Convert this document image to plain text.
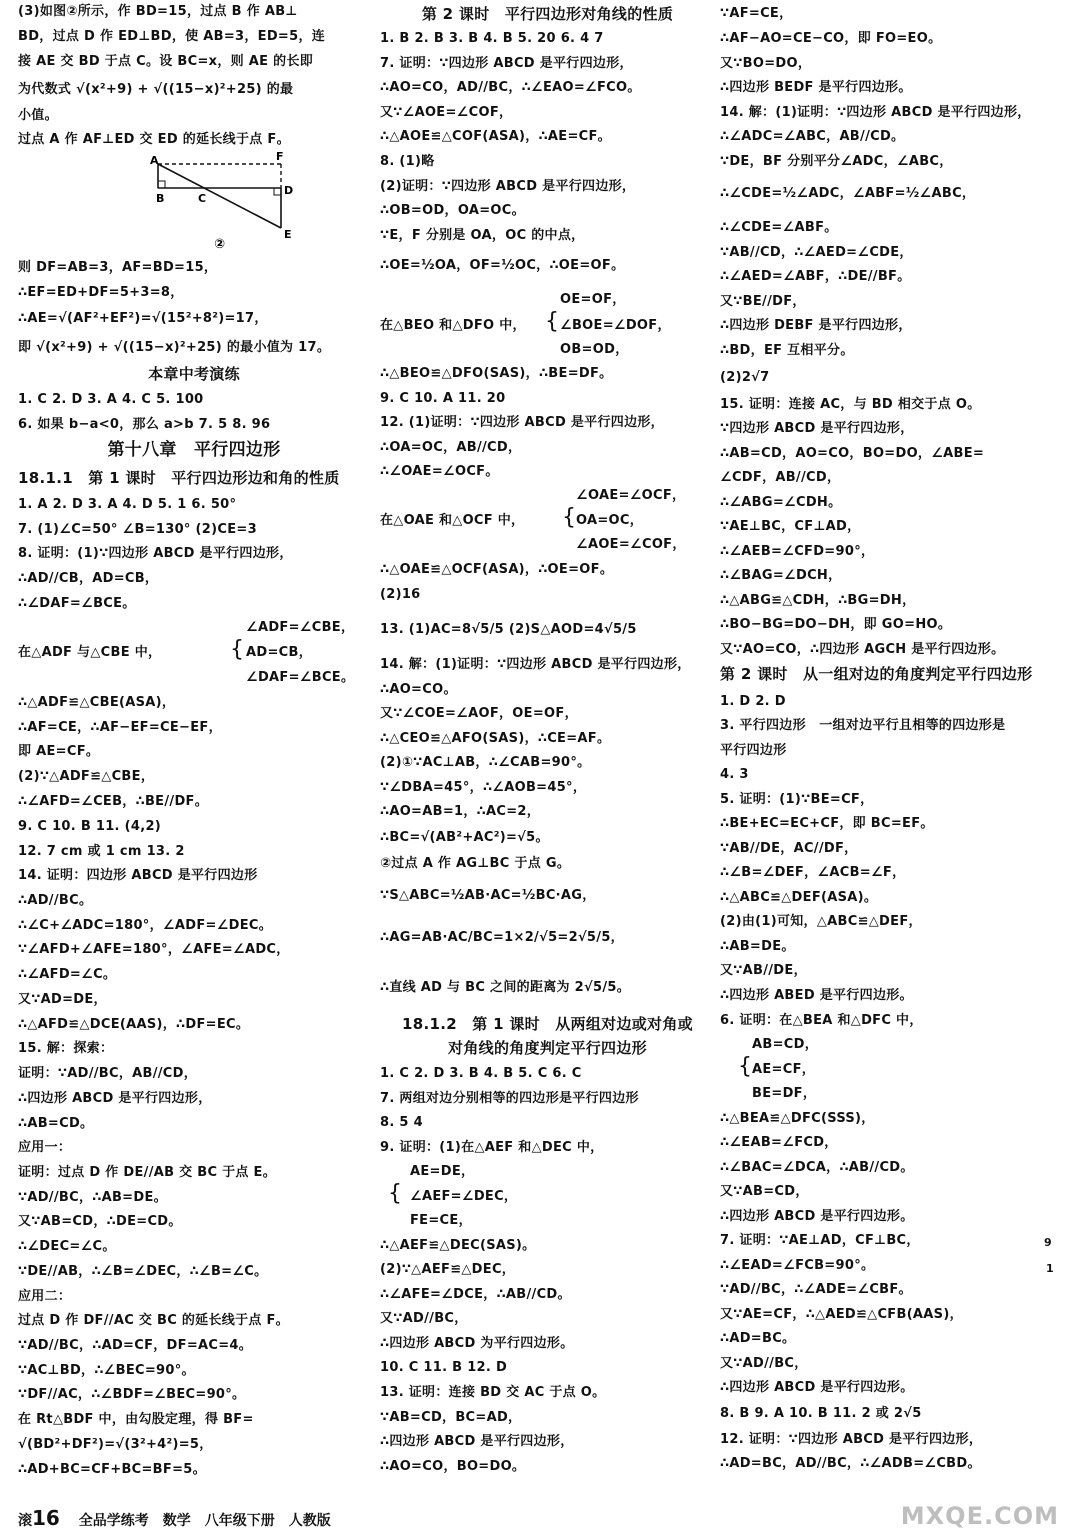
(3)如图②所示，作 BD=15，过点 B 作 AB⊥
BD，过点 D 作 ED⊥BD，使 AB=3，ED=5，连
接 AE 交 BD 于点 C。设 BC=x，则 AE 的长即
为代数式 √(x²+9) + √((15−x)²+25) 的最
小值。
过点 A 作 AF⊥ED 交 ED 的延长线于点 F。
A	F
B	C
D
E
②
则 DF=AB=3，AF=BD=15，
∴EF=ED+DF=5+3=8，
∴AE=√(AF²+EF²)=√(15²+8²)=17，
即 √(x²+9) + √((15−x)²+25) 的最小值为 17。
本章中考演练
1. C 2. D 3. A 4. C 5. 100
6. 如果 b−a<0，那么 a>b 7. 5 8. 96
第十八章　平行四边形
18.1.1　第 1 课时　平行四边形边和角的性质
1. A 2. D 3. A 4. D 5. 1 6. 50°
7. (1)∠C=50° ∠B=130° (2)CE=3
8. 证明：(1)∵四边形 ABCD 是平行四边形，
∴AD//CB，AD=CB，
∴∠DAF=∠BCE。
在△ADF 与△CBE 中，	{
∠ADF=∠CBE，
AD=CB，
∠DAF=∠BCE。
∴△ADF≌△CBE(ASA)，
∴AF=CE，∴AF−EF=CE−EF，
即 AE=CF。
(2)∵△ADF≌△CBE，
∴∠AFD=∠CEB，∴BE//DF。
9. C 10. B 11. (4,2)
12. 7 cm 或 1 cm 13. 2
14. 证明：四边形 ABCD 是平行四边形
∴AD//BC。
∴∠C+∠ADC=180°，∠ADF=∠DEC。
∵∠AFD+∠AFE=180°，∠AFE=∠ADC，
∴∠AFD=∠C。
又∵AD=DE，
∴△AFD≌△DCE(AAS)，∴DF=EC。
15. 解：探索：
证明：∵AD//BC，AB//CD，
∴四边形 ABCD 是平行四边形，
∴AB=CD。
应用一：
证明：过点 D 作 DE//AB 交 BC 于点 E。
∵AD//BC，∴AB=DE。
又∵AB=CD，∴DE=CD。
∴∠DEC=∠C。
∵DE//AB，∴∠B=∠DEC，∴∠B=∠C。
应用二：
过点 D 作 DF//AC 交 BC 的延长线于点 F。
∵AD//BC，∴AD=CF，DF=AC=4。
∵AC⊥BD，∴∠BEC=90°。
∵DF//AC，∴∠BDF=∠BEC=90°。
在 Rt△BDF 中，由勾股定理，得 BF=
√(BD²+DF²)=√(3²+4²)=5，
∴AD+BC=CF+BC=BF=5。
第 2 课时　平行四边形对角线的性质
1. B 2. B 3. B 4. B 5. 20 6. 4 7
7. 证明：∵四边形 ABCD 是平行四边形，
∴AO=CO，AD//BC，∴∠EAO=∠FCO。
又∵∠AOE=∠COF，
∴△AOE≌△COF(ASA)，∴AE=CF。
8. (1)略
(2)证明：∵四边形 ABCD 是平行四边形，
∴OB=OD，OA=OC。
∵E，F 分别是 OA，OC 的中点，
∴OE=½OA，OF=½OC，∴OE=OF。
{
OE=OF，
在△BEO 和△DFO 中，	∠BOE=∠DOF，
OB=OD，
∴△BEO≌△DFO(SAS)，∴BE=DF。
9. C 10. A 11. 20
12. (1)证明：∵四边形 ABCD 是平行四边形，
∴OA=OC，AB//CD，
∴∠OAE=∠OCF。
{
∠OAE=∠OCF，
在△OAE 和△OCF 中，	OA=OC，
∠AOE=∠COF，
∴△OAE≌△OCF(ASA)，∴OE=OF。
(2)16
13. (1)AC=8√5/5 (2)S△AOD=4√5/5
14. 解：(1)证明：∵四边形 ABCD 是平行四边形，
∴AO=CO。
又∵∠COE=∠AOF，OE=OF，
∴△CEO≌△AFO(SAS)，∴CE=AF。
(2)①∵AC⊥AB，∴∠CAB=90°。
∵∠DBA=45°，∴∠AOB=45°，
∴AO=AB=1，∴AC=2，
∴BC=√(AB²+AC²)=√5。
②过点 A 作 AG⊥BC 于点 G。
∵S△ABC=½AB·AC=½BC·AG，
∴AG=AB·AC/BC=1×2/√5=2√5/5，
∴直线 AD 与 BC 之间的距离为 2√5/5。
18.1.2　第 1 课时　从两组对边或对角或
对角线的角度判定平行四边形
1. C 2. D 3. B 4. B 5. C 6. C
7. 两组对边分别相等的四边形是平行四边形
8. 5 4
9. 证明：(1)在△AEF 和△DEC 中，
{
AE=DE，
∠AEF=∠DEC，
FE=CE，
∴△AEF≌△DEC(SAS)。
(2)∵△AEF≌△DEC，
∴∠AFE=∠DCE，∴AB//CD。
又∵AD//BC，
∴四边形 ABCD 为平行四边形。
10. C 11. B 12. D
13. 证明：连接 BD 交 AC 于点 O。
∵AB=CD，BC=AD，
∴四边形 ABCD 是平行四边形，
∴AO=CO，BO=DO。
∵AF=CE，
∴AF−AO=CE−CO，即 FO=EO。
又∵BO=DO，
∴四边形 BEDF 是平行四边形。
14. 解：(1)证明：∵四边形 ABCD 是平行四边形，
∴∠ADC=∠ABC，AB//CD。
∵DE，BF 分别平分∠ADC，∠ABC，
∴∠CDE=½∠ADC，∠ABF=½∠ABC，
∴∠CDE=∠ABF。
∵AB//CD，∴∠AED=∠CDE，
∴∠AED=∠ABF，∴DE//BF。
又∵BE//DF，
∴四边形 DEBF 是平行四边形，
∴BD，EF 互相平分。
(2)2√7
15. 证明：连接 AC，与 BD 相交于点 O。
∵四边形 ABCD 是平行四边形，
∴AB=CD，AO=CO，BO=DO，∠ABE=
∠CDF，AB//CD，
∴∠ABG=∠CDH。
∵AE⊥BC，CF⊥AD，
∴∠AEB=∠CFD=90°，
∴∠BAG=∠DCH，
∴△ABG≌△CDH，∴BG=DH，
∴BO−BG=DO−DH，即 GO=HO。
又∵AO=CO，∴四边形 AGCH 是平行四边形。
第 2 课时　从一组对边的角度判定平行四边形
1. D 2. D
3. 平行四边形　一组对边平行且相等的四边形是
平行四边形
4. 3
5. 证明：(1)∵BE=CF，
∴BE+EC=EC+CF，即 BC=EF。
∵AB//DE，AC//DF，
∴∠B=∠DEF，∠ACB=∠F，
∴△ABC≌△DEF(ASA)。
(2)由(1)可知，△ABC≌△DEF，
∴AB=DE。
又∵AB//DE，
∴四边形 ABED 是平行四边形。
6. 证明：在△BEA 和△DFC 中，
{
AB=CD，
AE=CF，
BE=DF，
∴△BEA≌△DFC(SSS)，
∴∠EAB=∠FCD，
∴∠BAC=∠DCA，∴AB//CD。
又∵AB=CD，
∴四边形 ABCD 是平行四边形。
7. 证明：∵AE⊥AD，CF⊥BC，
∴∠EAD=∠FCB=90°。
∵AD//BC，∴∠ADE=∠CBF。
又∵AE=CF，∴△AED≌△CFB(AAS)，
∴AD=BC。
又∵AD//BC，
∴四边形 ABCD 是平行四边形。
8. B 9. A 10. B 11. 2 或 2√5
12. 证明：∵四边形 ABCD 是平行四边形，
∴AD=BC，AD//BC，∴∠ADB=∠CBD。
9
1
滚16 全品学练考　数学　八年级下册　人教版	MXQE.COM
